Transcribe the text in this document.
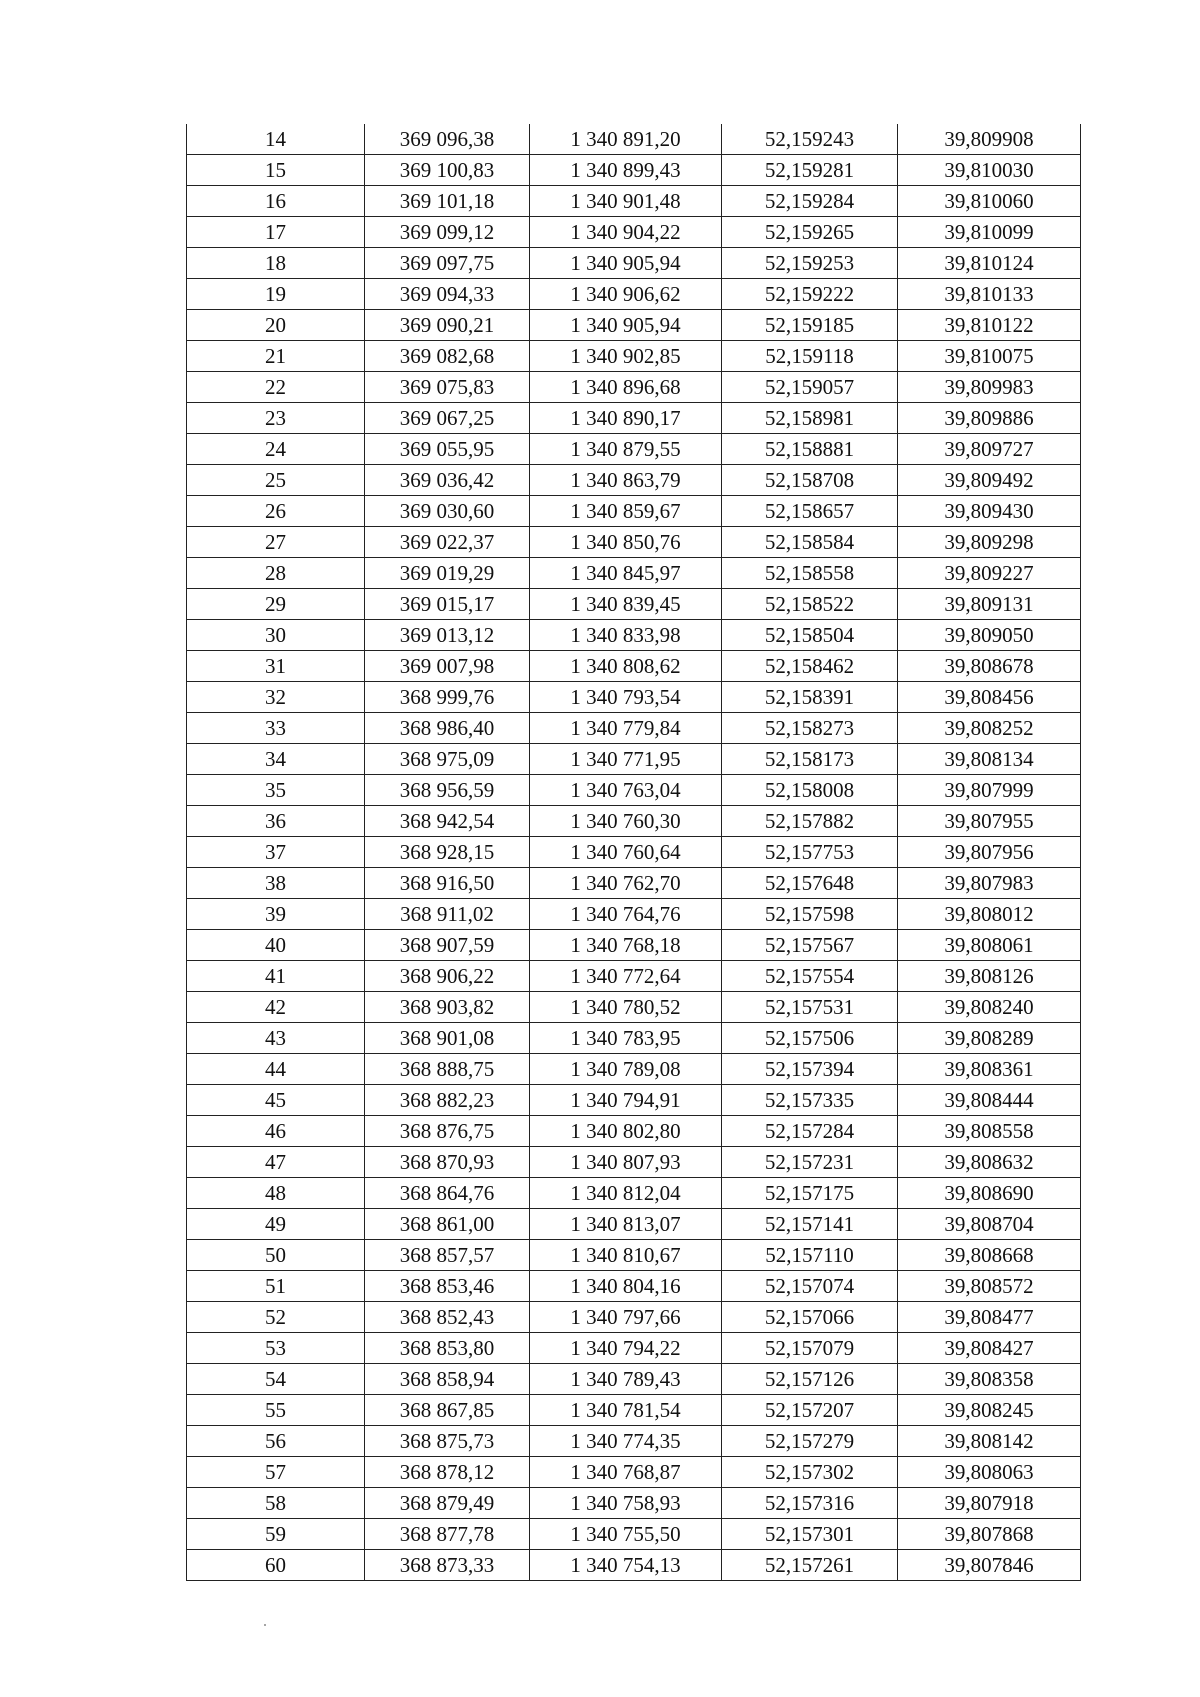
14	369 096,38	1 340 891,20	52,159243	39,809908
15	369 100,83	1 340 899,43	52,159281	39,810030
16	369 101,18	1 340 901,48	52,159284	39,810060
17	369 099,12	1 340 904,22	52,159265	39,810099
18	369 097,75	1 340 905,94	52,159253	39,810124
19	369 094,33	1 340 906,62	52,159222	39,810133
20	369 090,21	1 340 905,94	52,159185	39,810122
21	369 082,68	1 340 902,85	52,159118	39,810075
22	369 075,83	1 340 896,68	52,159057	39,809983
23	369 067,25	1 340 890,17	52,158981	39,809886
24	369 055,95	1 340 879,55	52,158881	39,809727
25	369 036,42	1 340 863,79	52,158708	39,809492
26	369 030,60	1 340 859,67	52,158657	39,809430
27	369 022,37	1 340 850,76	52,158584	39,809298
28	369 019,29	1 340 845,97	52,158558	39,809227
29	369 015,17	1 340 839,45	52,158522	39,809131
30	369 013,12	1 340 833,98	52,158504	39,809050
31	369 007,98	1 340 808,62	52,158462	39,808678
32	368 999,76	1 340 793,54	52,158391	39,808456
33	368 986,40	1 340 779,84	52,158273	39,808252
34	368 975,09	1 340 771,95	52,158173	39,808134
35	368 956,59	1 340 763,04	52,158008	39,807999
36	368 942,54	1 340 760,30	52,157882	39,807955
37	368 928,15	1 340 760,64	52,157753	39,807956
38	368 916,50	1 340 762,70	52,157648	39,807983
39	368 911,02	1 340 764,76	52,157598	39,808012
40	368 907,59	1 340 768,18	52,157567	39,808061
41	368 906,22	1 340 772,64	52,157554	39,808126
42	368 903,82	1 340 780,52	52,157531	39,808240
43	368 901,08	1 340 783,95	52,157506	39,808289
44	368 888,75	1 340 789,08	52,157394	39,808361
45	368 882,23	1 340 794,91	52,157335	39,808444
46	368 876,75	1 340 802,80	52,157284	39,808558
47	368 870,93	1 340 807,93	52,157231	39,808632
48	368 864,76	1 340 812,04	52,157175	39,808690
49	368 861,00	1 340 813,07	52,157141	39,808704
50	368 857,57	1 340 810,67	52,157110	39,808668
51	368 853,46	1 340 804,16	52,157074	39,808572
52	368 852,43	1 340 797,66	52,157066	39,808477
53	368 853,80	1 340 794,22	52,157079	39,808427
54	368 858,94	1 340 789,43	52,157126	39,808358
55	368 867,85	1 340 781,54	52,157207	39,808245
56	368 875,73	1 340 774,35	52,157279	39,808142
57	368 878,12	1 340 768,87	52,157302	39,808063
58	368 879,49	1 340 758,93	52,157316	39,807918
59	368 877,78	1 340 755,50	52,157301	39,807868
60	368 873,33	1 340 754,13	52,157261	39,807846
